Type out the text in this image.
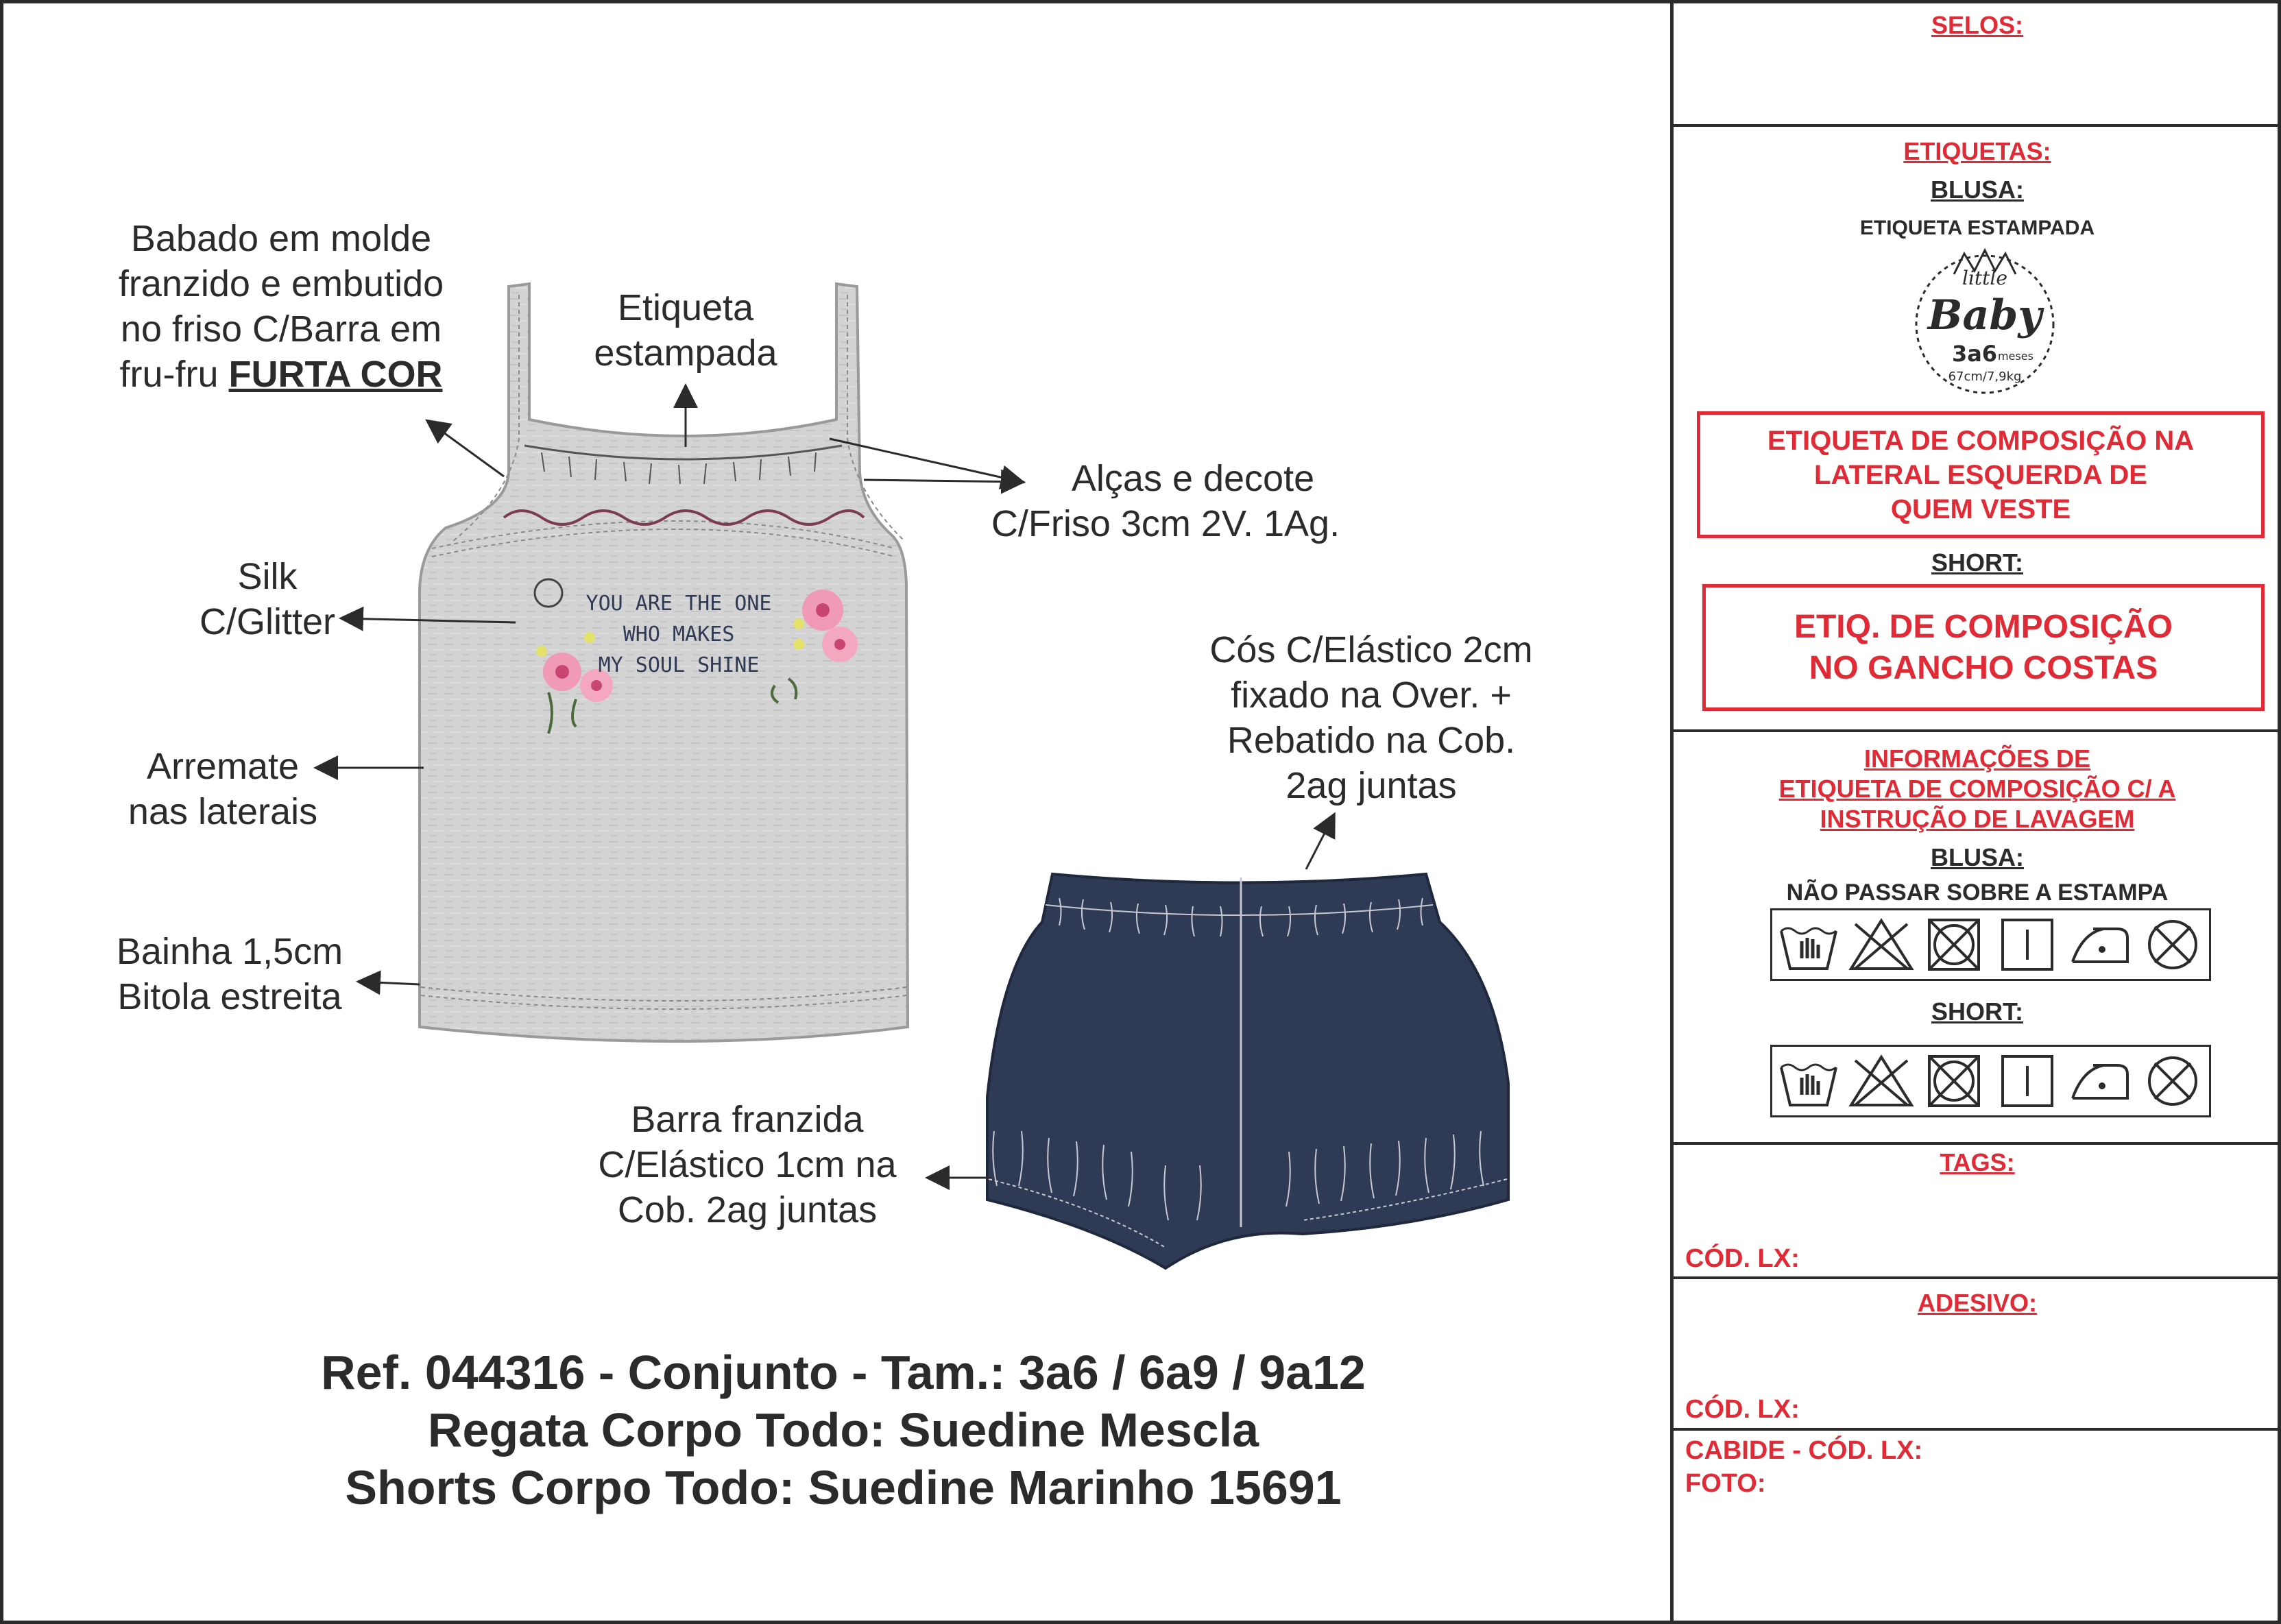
YOU ARE THE ONE
WHO MAKES
MY SOUL SHINE
Babado em molde
franzido e embutido
no friso C/Barra em
fru-fru FURTA COR
Etiqueta
estampada
Alças e decote
C/Friso 3cm 2V. 1Ag.
Silk
C/Glitter
Arremate
nas laterais
Bainha 1,5cm
Bitola estreita
Cós C/Elástico 2cm
fixado na Over. +
Rebatido na Cob.
2ag juntas
Barra franzida
C/Elástico 1cm na
Cob. 2ag juntas
Ref. 044316 - Conjunto - Tam.: 3a6 / 6a9 / 9a12
Regata Corpo Todo: Suedine Mescla
Shorts Corpo Todo: Suedine Marinho 15691
SELOS:
ETIQUETAS:
BLUSA:
ETIQUETA ESTAMPADA
little
Baby
3a6 meses
67cm/7,9kg
ETIQUETA DE COMPOSIÇÃO NA
LATERAL ESQUERDA DE
QUEM VESTE
SHORT:
ETIQ. DE COMPOSIÇÃO
NO GANCHO COSTAS
INFORMAÇÕES DE
ETIQUETA DE COMPOSIÇÃO C/ A
INSTRUÇÃO DE LAVAGEM
BLUSA:
NÃO PASSAR SOBRE A ESTAMPA
SHORT:
TAGS:
CÓD. LX:
ADESIVO:
CÓD. LX:
CABIDE - CÓD. LX:
FOTO:
